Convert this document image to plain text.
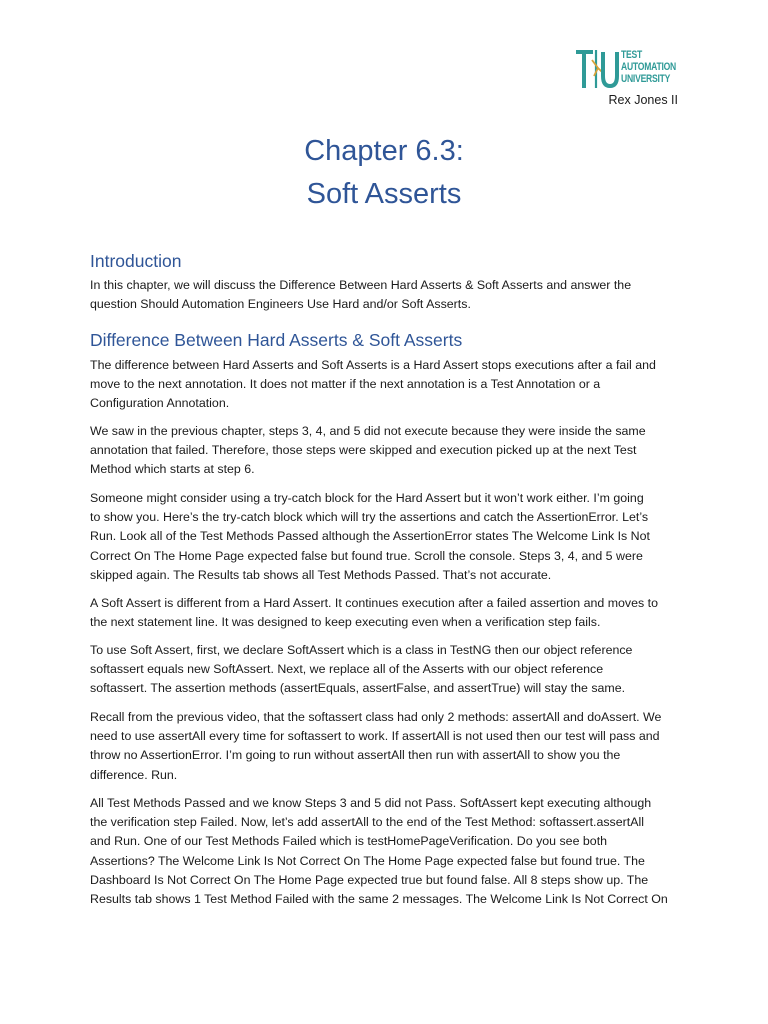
TEST
AUTOMATION
UNIVERSITY
Rex Jones II
Chapter 6.3:
Soft Asserts
Introduction
In this chapter, we will discuss the Difference Between Hard Asserts & Soft Asserts and answer the
question Should Automation Engineers Use Hard and/or Soft Asserts.
Difference Between Hard Asserts & Soft Asserts
The difference between Hard Asserts and Soft Asserts is a Hard Assert stops executions after a fail and
move to the next annotation. It does not matter if the next annotation is a Test Annotation or a
Configuration Annotation.
We saw in the previous chapter, steps 3, 4, and 5 did not execute because they were inside the same
annotation that failed. Therefore, those steps were skipped and execution picked up at the next Test
Method which starts at step 6.
Someone might consider using a try-catch block for the Hard Assert but it won’t work either. I’m going
to show you. Here’s the try-catch block which will try the assertions and catch the AssertionError. Let’s
Run. Look all of the Test Methods Passed although the AssertionError states The Welcome Link Is Not
Correct On The Home Page expected false but found true. Scroll the console. Steps 3, 4, and 5 were
skipped again. The Results tab shows all Test Methods Passed. That’s not accurate.
A Soft Assert is different from a Hard Assert. It continues execution after a failed assertion and moves to
the next statement line. It was designed to keep executing even when a verification step fails.
To use Soft Assert, first, we declare SoftAssert which is a class in TestNG then our object reference
softassert equals new SoftAssert. Next, we replace all of the Asserts with our object reference
softassert. The assertion methods (assertEquals, assertFalse, and assertTrue) will stay the same.
Recall from the previous video, that the softassert class had only 2 methods: assertAll and doAssert. We
need to use assertAll every time for softassert to work. If assertAll is not used then our test will pass and
throw no AssertionError. I’m going to run without assertAll then run with assertAll to show you the
difference. Run.
All Test Methods Passed and we know Steps 3 and 5 did not Pass. SoftAssert kept executing although
the verification step Failed. Now, let’s add assertAll to the end of the Test Method: softassert.assertAll
and Run. One of our Test Methods Failed which is testHomePageVerification. Do you see both
Assertions? The Welcome Link Is Not Correct On The Home Page expected false but found true. The
Dashboard Is Not Correct On The Home Page expected true but found false. All 8 steps show up. The
Results tab shows 1 Test Method Failed with the same 2 messages. The Welcome Link Is Not Correct On
